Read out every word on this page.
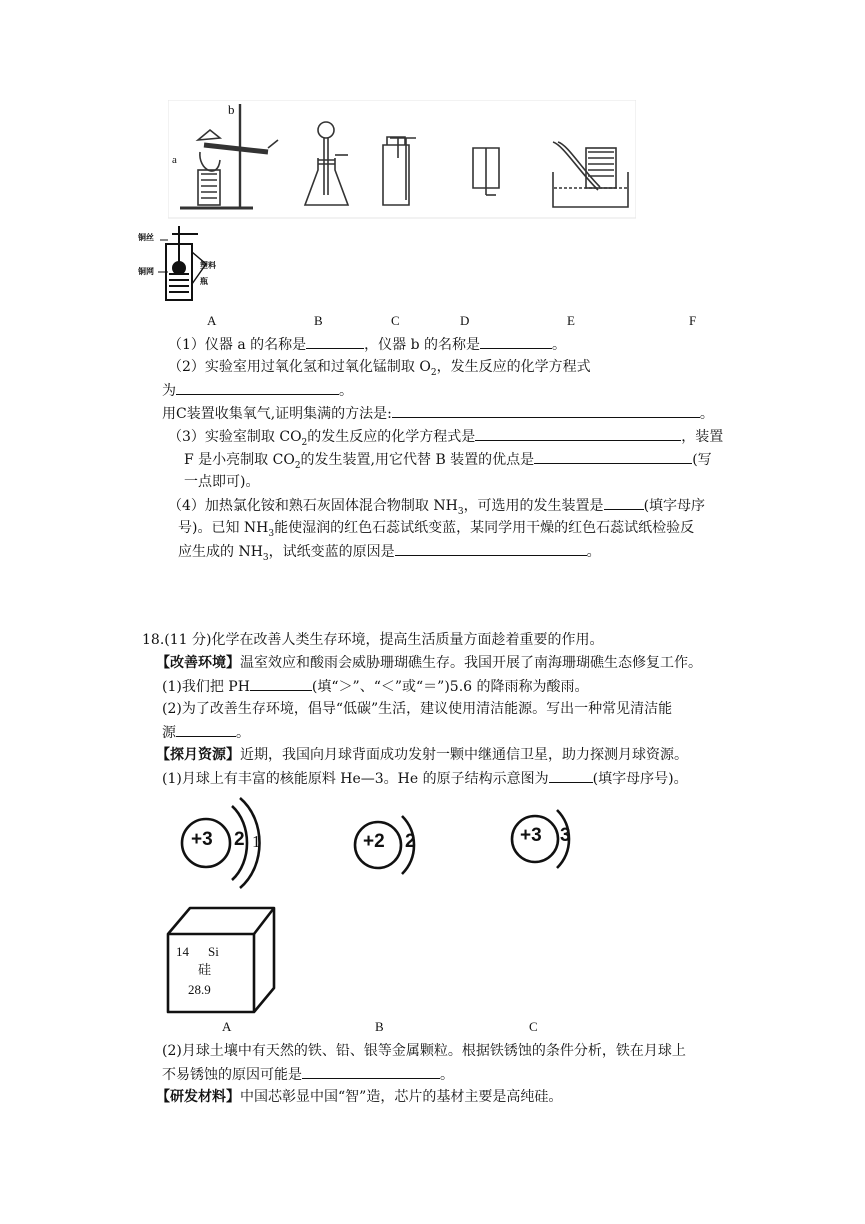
b
a
铜丝
铜网
塑料瓶
A	B	C	D	E	F
（1）仪器 a 的名称是	，仪器 b 的名称是	。
（2）实验室用过氧化氢和过氧化锰制取 $O_2$，发生反应的化学方程式
为	。
用C装置收集氧气,证明集满的方法是:	。
（3）实验室制取 $CO_2$的发生反应的化学方程式是	，装置
F 是小亮制取 $CO_2$的发生装置,用它代替 B 装置的优点是	(写
一点即可)。
（4）加热氯化铵和熟石灰固体混合物制取 $NH_3$，可选用的发生装置是	(填字母序
号)。已知 $NH_3$能使湿润的红色石蕊试纸变蓝，某同学用干燥的红色石蕊试纸检验反
应生成的 $NH_3$，试纸变蓝的原因是	。
18.(11 分)化学在改善人类生存环境，提高生活质量方面趁着重要的作用。
【改善环境】温室效应和酸雨会威胁珊瑚礁生存。我国开展了南海珊瑚礁生态修复工作。
(1)我们把 PH	(填“＞”、“＜”或“＝”)5.6 的降雨称为酸雨。
(2)为了改善生存环境，倡导“低碳”生活，建议使用清洁能源。写出一种常见清洁能
源	。
【探月资源】近期，我国向月球背面成功发射一颗中继通信卫星，助力探测月球资源。
(1)月球上有丰富的核能原料 He—3。He 的原子结构示意图为	(填字母序号)。
+3 2 1	+2 2	+3 3
14 Si
硅
28.9
A	B	C
(2)月球土壤中有天然的铁、铅、银等金属颗粒。根据铁锈蚀的条件分析，铁在月球上
不易锈蚀的原因可能是	。
【研发材料】中国芯彰显中国“智”造，芯片的基材主要是高纯硅。
